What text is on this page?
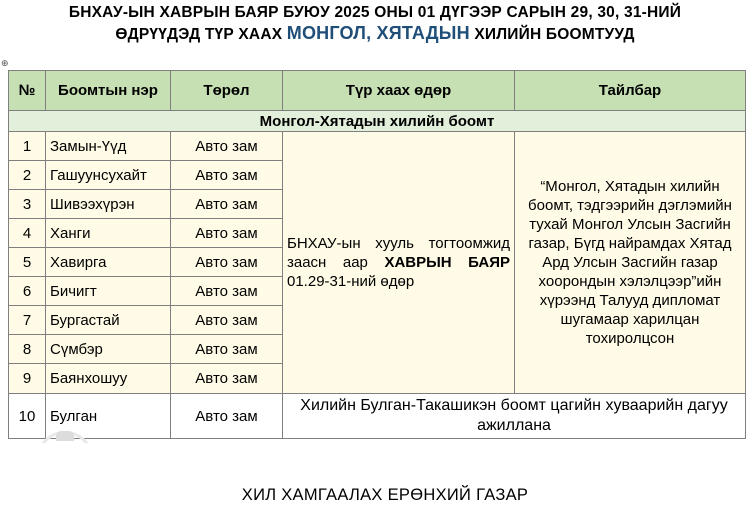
БНХАУ-ЫН ХАВРЫН БАЯР БУЮУ 2025 ОНЫ 01 ДҮГЭЭР САРЫН 29, 30, 31-НИЙ
ӨДРҮҮДЭД ТҮР ХААХ МОНГОЛ, ХЯТАДЫН ХИЛИЙН БООМТУУД
⊕
№	Боомтын нэр	Төрөл	Түр хаах өдөр	Тайлбар
Монгол-Хятадын хилийн боомт				
1	Замын-Үүд	Авто зам	БНХАУ-ын хууль тогтоомжид заасн аар ХАВРЫН БАЯР 01.29-31-ний өдөр	“Монгол, Хятадын хилийн боомт, тэдгээрийн дэглэмийн тухай Монгол Улсын Засгийн газар, Бүгд найрамдах Хятад Ард Улсын Засгийн газар хоорондын хэлэлцээр”ийн хүрээнд Талууд дипломат шугамаар харилцан тохиролцсон
2	Гашуунсухайт	Авто зам		
3	Шивээхүрэн	Авто зам		
4	Ханги	Авто зам		
5	Хавирга	Авто зам		
6	Бичигт	Авто зам		
7	Бургастай	Авто зам		
8	Сүмбэр	Авто зам		
9	Баянхошуу	Авто зам		
10	Булган	Авто зам	Хилийн Булган-Такашикэн боомт цагийн хуваарийн дагуу ажиллана	
ХИЛ ХАМГААЛАХ ЕРӨНХИЙ ГАЗАР
